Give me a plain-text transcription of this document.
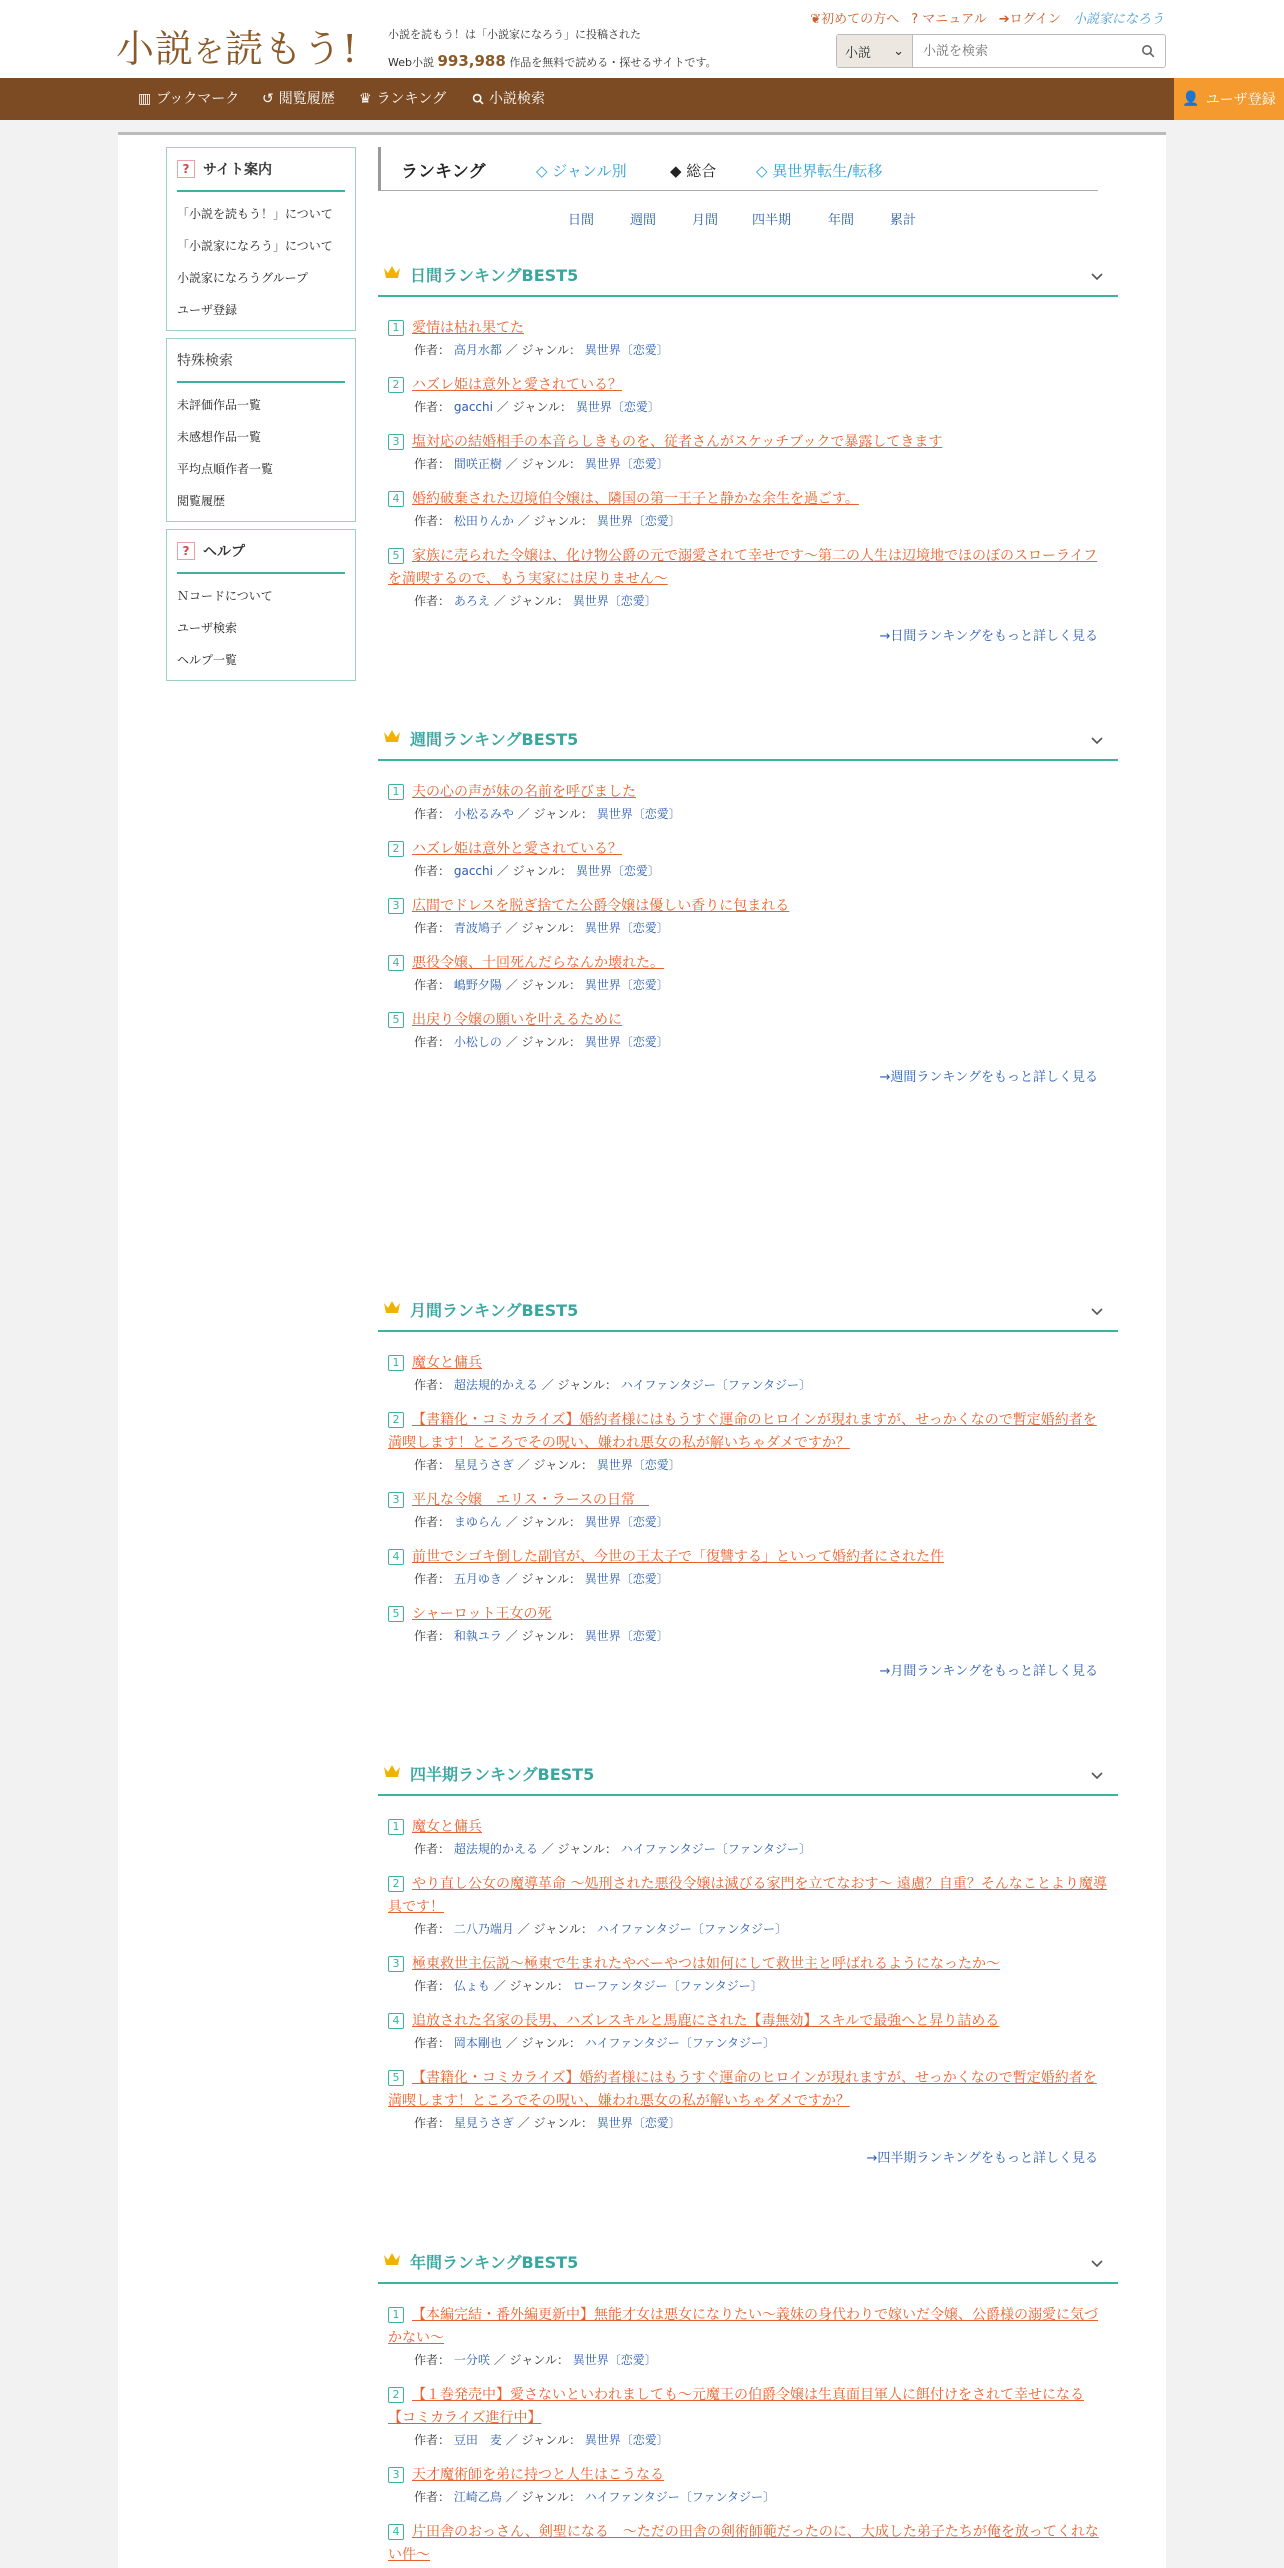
小説を読もう!	小説を読もう！は「小説家になろう」に投稿された
Web小説 993,988 作品を無料で読める・探せるサイトです。
❦初めての方へ ? マニュアル ➔ログイン 小説家になろう
小説 ⌄
小説を検索
▥ ブックマーク ↺ 閲覧履歴 ♛ ランキング	小説検索	👤 ユーザ登録
? サイト案内
「小説を読もう！」について
「小説家になろう」について
小説家になろうグループ
ユーザ登録
特殊検索
未評価作品一覧
未感想作品一覧
平均点順作者一覧
閲覧履歴
? ヘルプ
Ｎコードについて
ユーザ検索
ヘルプ一覧
ランキング	◇ ジャンル別	◆ 総合	◇ 異世界転生/転移
日間	週間	月間	四半期	年間	累計
日間ランキングBEST5
1 愛情は枯れ果てた
作者： 高月水都 ／ ジャンル： 異世界〔恋愛〕
2 ハズレ姫は意外と愛されている？
作者： gacchi ／ ジャンル： 異世界〔恋愛〕
3 塩対応の結婚相手の本音らしきものを、従者さんがスケッチブックで暴露してきます
作者： 間咲正樹 ／ ジャンル： 異世界〔恋愛〕
4 婚約破棄された辺境伯令嬢は、隣国の第一王子と静かな余生を過ごす。
作者： 松田りんか ／ ジャンル： 異世界〔恋愛〕
5 家族に売られた令嬢は、化け物公爵の元で溺愛されて幸せです～第二の人生は辺境地でほのぼのスローライフを満喫するので、もう実家には戻りません～
作者： あろえ ／ ジャンル： 異世界〔恋愛〕
→日間ランキングをもっと詳しく見る
週間ランキングBEST5
1 夫の心の声が妹の名前を呼びました
作者： 小松るみや ／ ジャンル： 異世界〔恋愛〕
2 ハズレ姫は意外と愛されている？
作者： gacchi ／ ジャンル： 異世界〔恋愛〕
3 広間でドレスを脱ぎ捨てた公爵令嬢は優しい香りに包まれる
作者： 青波鳩子 ／ ジャンル： 異世界〔恋愛〕
4 悪役令嬢、十回死んだらなんか壊れた。
作者： 嶋野夕陽 ／ ジャンル： 異世界〔恋愛〕
5 出戻り令嬢の願いを叶えるために
作者： 小松しの ／ ジャンル： 異世界〔恋愛〕
→週間ランキングをもっと詳しく見る
月間ランキングBEST5
1 魔女と傭兵
作者： 超法規的かえる ／ ジャンル： ハイファンタジー〔ファンタジー〕
2 【書籍化・コミカライズ】婚約者様にはもうすぐ運命のヒロインが現れますが、せっかくなので暫定婚約者を満喫します！ところでその呪い、嫌われ悪女の私が解いちゃダメですか？
作者： 星見うさぎ ／ ジャンル： 異世界〔恋愛〕
3 平凡な令嬢　エリス・ラースの日常　
作者： まゆらん ／ ジャンル： 異世界〔恋愛〕
4 前世でシゴキ倒した副官が、今世の王太子で「復讐する」といって婚約者にされた件
作者： 五月ゆき ／ ジャンル： 異世界〔恋愛〕
5 シャーロット王女の死
作者： 和執ユラ ／ ジャンル： 異世界〔恋愛〕
→月間ランキングをもっと詳しく見る
四半期ランキングBEST5
1 魔女と傭兵
作者： 超法規的かえる ／ ジャンル： ハイファンタジー〔ファンタジー〕
2 やり直し公女の魔導革命 〜処刑された悪役令嬢は滅びる家門を立てなおす〜 遠慮？自重？そんなことより魔導具です！
作者： 二八乃端月 ／ ジャンル： ハイファンタジー〔ファンタジー〕
3 極東救世主伝説～極東で生まれたやべーやつは如何にして救世主と呼ばれるようになったか～
作者： 仏ょも ／ ジャンル： ローファンタジー〔ファンタジー〕
4 追放された名家の長男、ハズレスキルと馬鹿にされた【毒無効】スキルで最強へと昇り詰める
作者： 岡本剛也 ／ ジャンル： ハイファンタジー〔ファンタジー〕
5 【書籍化・コミカライズ】婚約者様にはもうすぐ運命のヒロインが現れますが、せっかくなので暫定婚約者を満喫します！ところでその呪い、嫌われ悪女の私が解いちゃダメですか？
作者： 星見うさぎ ／ ジャンル： 異世界〔恋愛〕
→四半期ランキングをもっと詳しく見る
年間ランキングBEST5
1 【本編完結・番外編更新中】無能才女は悪女になりたい～義妹の身代わりで嫁いだ令嬢、公爵様の溺愛に気づかない～
作者： 一分咲 ／ ジャンル： 異世界〔恋愛〕
2 【１巻発売中】愛さないといわれましても～元魔王の伯爵令嬢は生真面目軍人に餌付けをされて幸せになる【コミカライズ進行中】
作者： 豆田　麦 ／ ジャンル： 異世界〔恋愛〕
3 天才魔術師を弟に持つと人生はこうなる
作者： 江崎乙鳥 ／ ジャンル： ハイファンタジー〔ファンタジー〕
4 片田舎のおっさん、剣聖になる　～ただの田舎の剣術師範だったのに、大成した弟子たちが俺を放ってくれない件～
